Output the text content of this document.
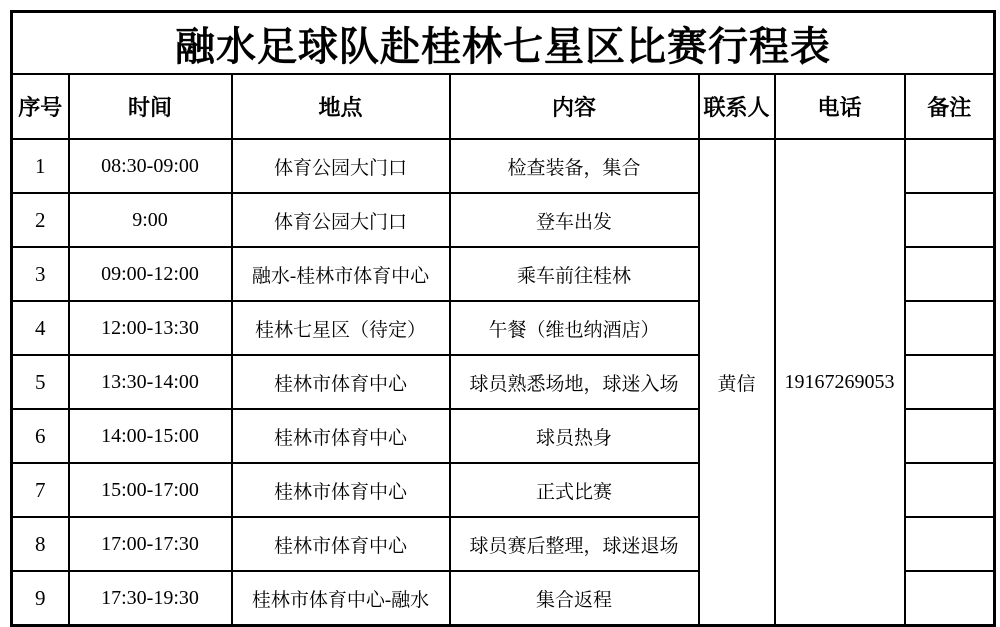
融水足球队赴桂林七星区比赛行程表						
序号	时间	地点	内容	联系人	电话	备注
1	08:30-09:00	体育公园大门口	检查装备，集合	黄信	19167269053	
2	9:00	体育公园大门口	登车出发			
3	09:00-12:00	融水-桂林市体育中心	乘车前往桂林			
4	12:00-13:30	桂林七星区（待定）	午餐（维也纳酒店）			
5	13:30-14:00	桂林市体育中心	球员熟悉场地，球迷入场			
6	14:00-15:00	桂林市体育中心	球员热身			
7	15:00-17:00	桂林市体育中心	正式比赛			
8	17:00-17:30	桂林市体育中心	球员赛后整理，球迷退场			
9	17:30-19:30	桂林市体育中心-融水	集合返程			
